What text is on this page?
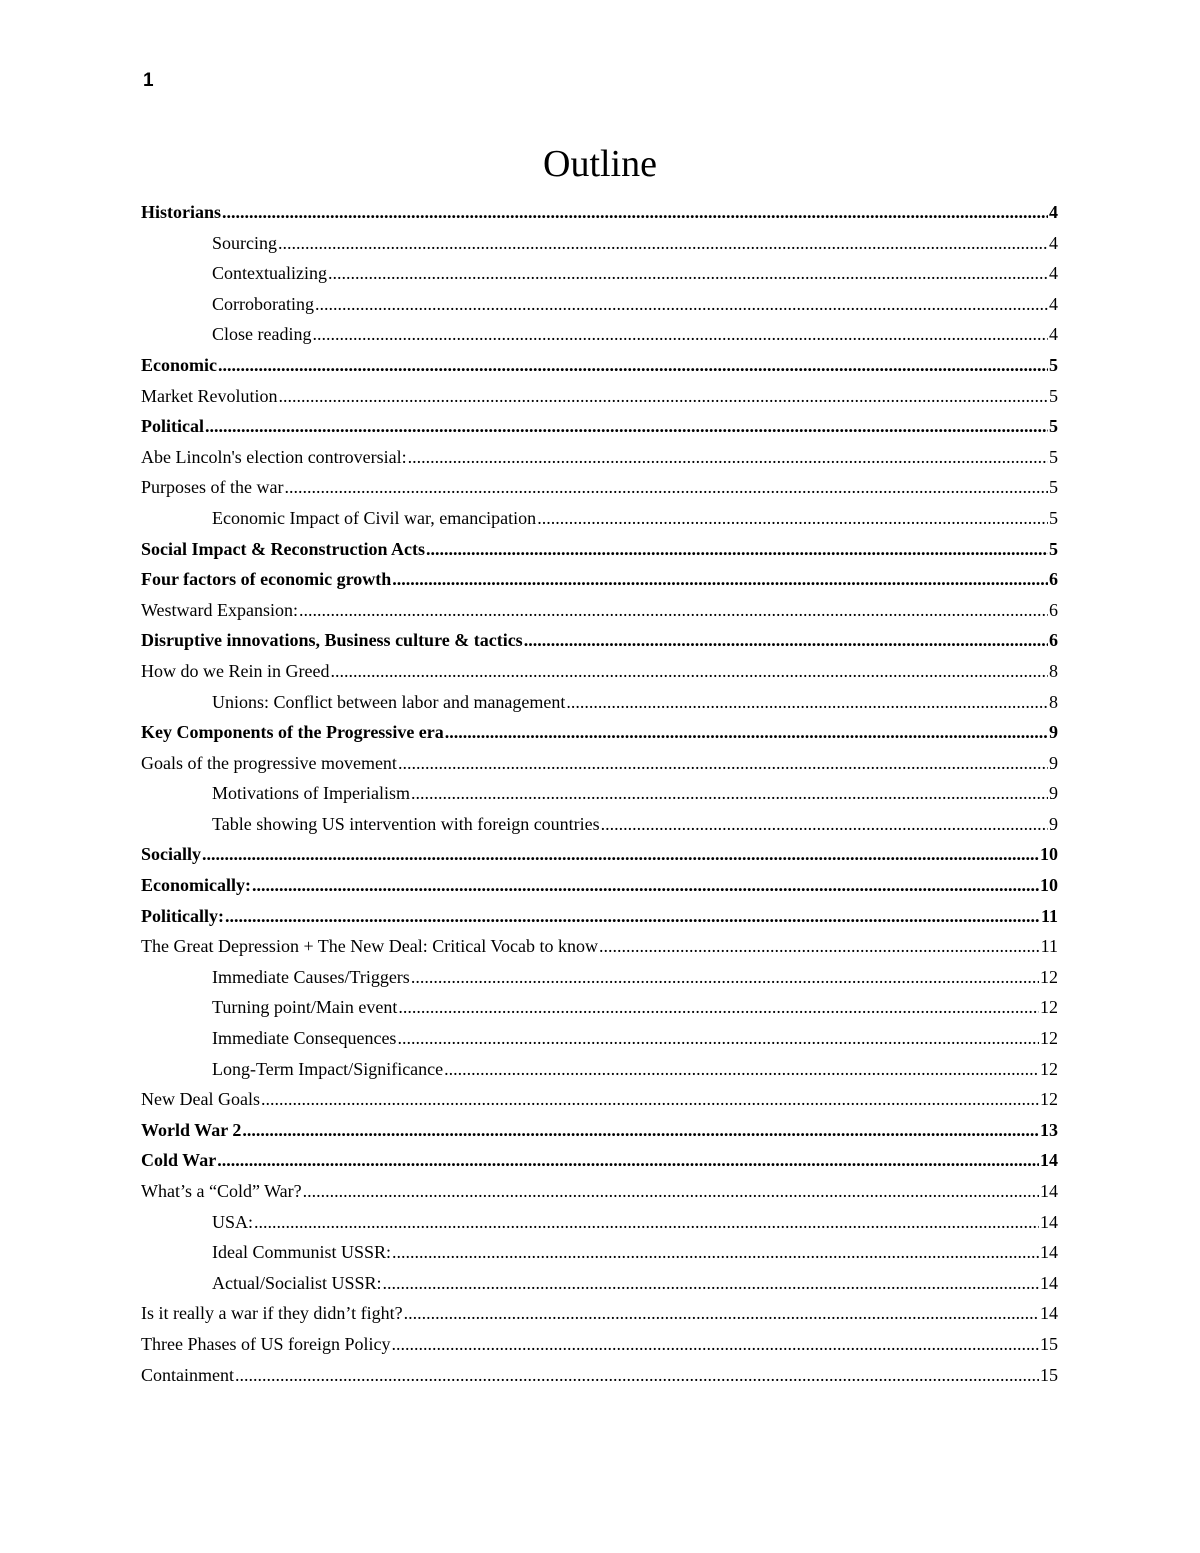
1
Outline
Historians .....	4
Sourcing .....	4
Contextualizing .....	4
Corroborating .....	4
Close reading .....	4
Economic .....	5
Market Revolution .....	5
Political .....	5
Abe Lincoln's election controversial: .....	5
Purposes of the war .....	5
Economic Impact of Civil war, emancipation .....	5
Social Impact & Reconstruction Acts .....	5
Four factors of economic growth .....	6
Westward Expansion: .....	6
Disruptive innovations, Business culture & tactics .....	6
How do we Rein in Greed .....	8
Unions: Conflict between labor and management .....	8
Key Components of the Progressive era .....	9
Goals of the progressive movement .....	9
Motivations of Imperialism .....	9
Table showing US intervention with foreign countries .....	9
Socially .....	10
Economically: .....	10
Politically: .....	11
The Great Depression + The New Deal: Critical Vocab to know .....	11
Immediate Causes/Triggers .....	12
Turning point/Main event .....	12
Immediate Consequences .....	12
Long-Term Impact/Significance .....	12
New Deal Goals .....	12
World War 2 .....	13
Cold War .....	14
What’s a “Cold” War? .....	14
USA: .....	14
Ideal Communist USSR: .....	14
Actual/Socialist USSR: .....	14
Is it really a war if they didn’t fight? .....	14
Three Phases of US foreign Policy .....	15
Containment .....	15
